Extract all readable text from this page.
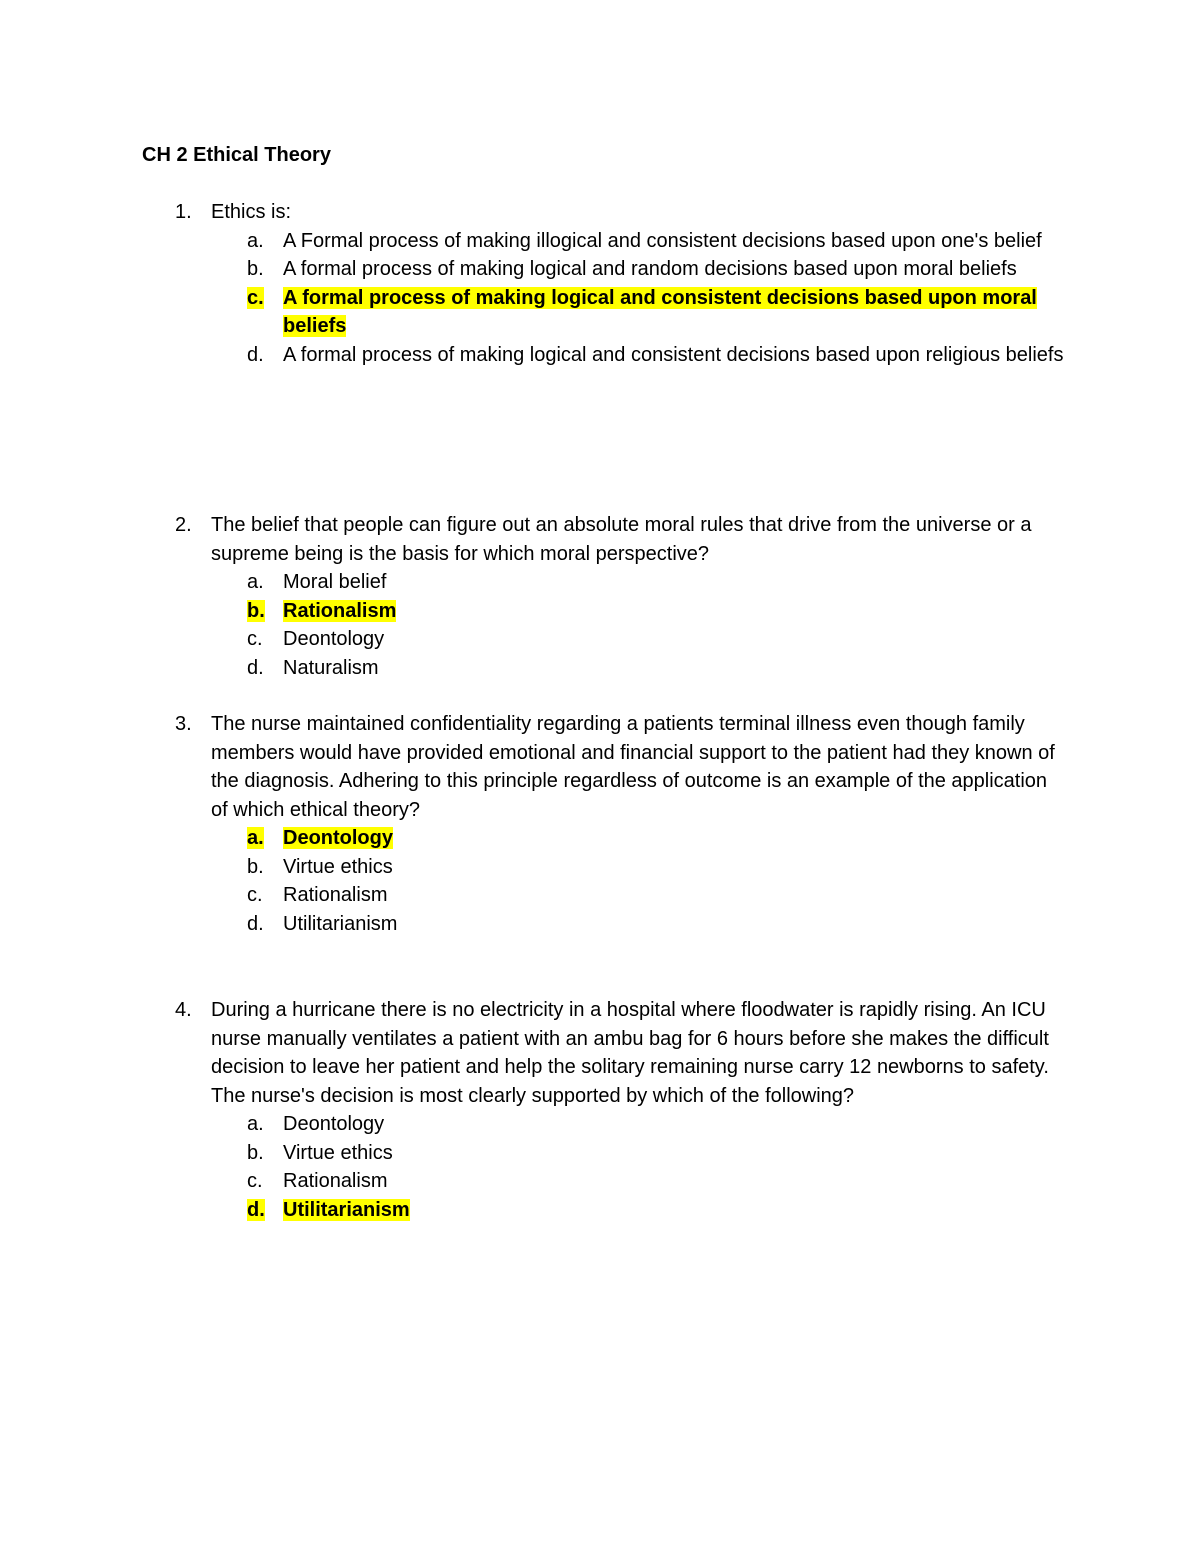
CH 2 Ethical Theory
1. Ethics is:
a. A Formal process of making illogical and consistent decisions based upon one's belief
b. A formal process of making logical and random decisions based upon moral beliefs
c. A formal process of making logical and consistent decisions based upon moral beliefs
d. A formal process of making logical and consistent decisions based upon religious beliefs
2. The belief that people can figure out an absolute moral rules that drive from the universe or a supreme being is the basis for which moral perspective?
a. Moral belief
b. Rationalism
c.	Deontology
d. Naturalism
3. The nurse maintained confidentiality regarding a patients terminal illness even though family members would have provided emotional and financial support to the patient had they known of the diagnosis. Adhering to this principle regardless of outcome is an example of the application of which ethical theory?
a. Deontology
b. Virtue ethics
c.	Rationalism
d. Utilitarianism
4. During a hurricane there is no electricity in a hospital where floodwater is rapidly rising. An ICU nurse manually ventilates a patient with an ambu bag for 6 hours before she makes the difficult decision to leave her patient and help the solitary remaining nurse carry 12 newborns to safety. The nurse's decision is most clearly supported by which of the following?
a. Deontology
b. Virtue ethics
c.	Rationalism
d. Utilitarianism
